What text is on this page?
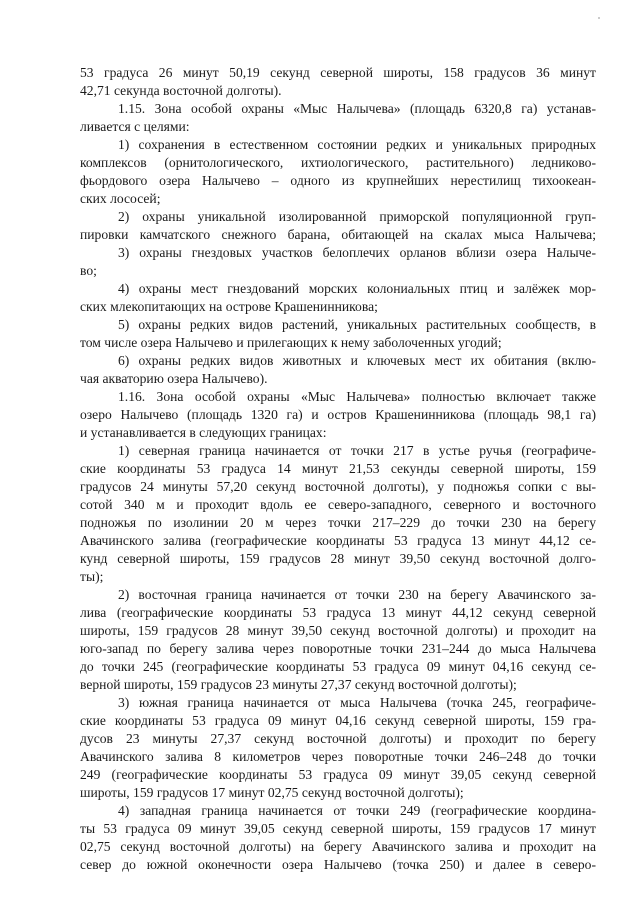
53 градуса 26 минут 50,19 секунд северной широты, 158 градусов 36 минут
42,71 секунда восточной долготы).
1.15. Зона особой охраны «Мыс Налычева» (площадь 6320,8 га) устанав-
ливается с целями:
1) сохранения в естественном состоянии редких и уникальных природных
комплексов (орнитологического, ихтиологического, растительного) ледниково-
фьордового озера Налычево – одного из крупнейших нерестилищ тихоокеан-
ских лососей;
2) охраны уникальной изолированной приморской популяционной груп-
пировки камчатского снежного барана, обитающей на скалах мыса Налычева;
3) охраны гнездовых участков белоплечих орланов вблизи озера Налыче-
во;
4) охраны мест гнездований морских колониальных птиц и залёжек мор-
ских млекопитающих на острове Крашенинникова;
5) охраны редких видов растений, уникальных растительных сообществ, в
том числе озера Налычево и прилегающих к нему заболоченных угодий;
6) охраны редких видов животных и ключевых мест их обитания (вклю-
чая акваторию озера Налычево).
1.16. Зона особой охраны «Мыс Налычева» полностью включает также
озеро Налычево (площадь 1320 га) и остров Крашенинникова (площадь 98,1 га)
и устанавливается в следующих границах:
1) северная граница начинается от точки 217 в устье ручья (географиче-
ские координаты 53 градуса 14 минут 21,53 секунды северной широты, 159
градусов 24 минуты 57,20 секунд восточной долготы), у подножья сопки с вы-
сотой 340 м и проходит вдоль ее северо-западного, северного и восточного
подножья по изолинии 20 м через точки 217–229 до точки 230 на берегу
Авачинского залива (географические координаты 53 градуса 13 минут 44,12 се-
кунд северной широты, 159 градусов 28 минут 39,50 секунд восточной долго-
ты);
2) восточная граница начинается от точки 230 на берегу Авачинского за-
лива (географические координаты 53 градуса 13 минут 44,12 секунд северной
широты, 159 градусов 28 минут 39,50 секунд восточной долготы) и проходит на
юго-запад по берегу залива через поворотные точки 231–244 до мыса Налычева
до точки 245 (географические координаты 53 градуса 09 минут 04,16 секунд се-
верной широты, 159 градусов 23 минуты 27,37 секунд восточной долготы);
3) южная граница начинается от мыса Налычева (точка 245, географиче-
ские координаты 53 градуса 09 минут 04,16 секунд северной широты, 159 гра-
дусов 23 минуты 27,37 секунд восточной долготы) и проходит по берегу
Авачинского залива 8 километров через поворотные точки 246–248 до точки
249 (географические координаты 53 градуса 09 минут 39,05 секунд северной
широты, 159 градусов 17 минут 02,75 секунд восточной долготы);
4) западная граница начинается от точки 249 (географические координа-
ты 53 градуса 09 минут 39,05 секунд северной широты, 159 градусов 17 минут
02,75 секунд восточной долготы) на берегу Авачинского залива и проходит на
север до южной оконечности озера Налычево (точка 250) и далее в северо-
